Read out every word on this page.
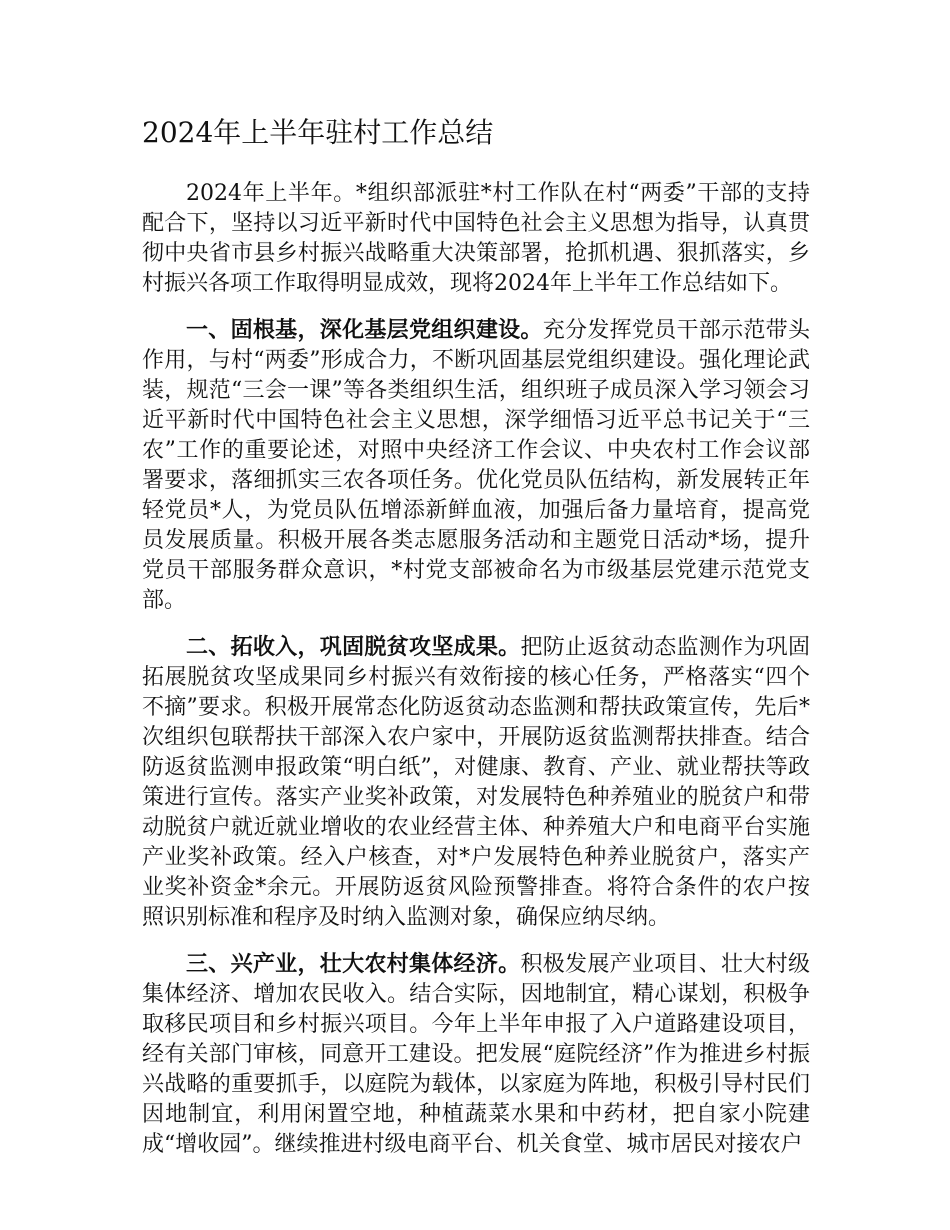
2024年上半年驻村工作总结

2024年上半年。*组织部派驻*村工作队在村“两委”干部的支持配合下，坚持以习近平新时代中国特色社会主义思想为指导，认真贯彻中央省市县乡村振兴战略重大决策部署，抢抓机遇、狠抓落实，乡村振兴各项工作取得明显成效，现将2024年上半年工作总结如下。

一、固根基，深化基层党组织建设。充分发挥党员干部示范带头作用，与村“两委”形成合力，不断巩固基层党组织建设。强化理论武装，规范“三会一课”等各类组织生活，组织班子成员深入学习领会习近平新时代中国特色社会主义思想，深学细悟习近平总书记关于“三农”工作的重要论述，对照中央经济工作会议、中央农村工作会议部署要求，落细抓实三农各项任务。优化党员队伍结构，新发展转正年轻党员*人，为党员队伍增添新鲜血液，加强后备力量培育，提高党员发展质量。积极开展各类志愿服务活动和主题党日活动*场，提升党员干部服务群众意识，*村党支部被命名为市级基层党建示范党支部。

二、拓收入，巩固脱贫攻坚成果。把防止返贫动态监测作为巩固拓展脱贫攻坚成果同乡村振兴有效衔接的核心任务，严格落实“四个不摘”要求。积极开展常态化防返贫动态监测和帮扶政策宣传，先后*次组织包联帮扶干部深入农户家中，开展防返贫监测帮扶排查。结合防返贫监测申报政策“明白纸”，对健康、教育、产业、就业帮扶等政策进行宣传。落实产业奖补政策，对发展特色种养殖业的脱贫户和带动脱贫户就近就业增收的农业经营主体、种养殖大户和电商平台实施产业奖补政策。经入户核查，对*户发展特色种养业脱贫户，落实产业奖补资金*余元。开展防返贫风险预警排查。将符合条件的农户按照识别标准和程序及时纳入监测对象，确保应纳尽纳。

三、兴产业，壮大农村集体经济。积极发展产业项目、壮大村级集体经济、增加农民收入。结合实际，因地制宜，精心谋划，积极争取移民项目和乡村振兴项目。今年上半年申报了入户道路建设项目，经有关部门审核，同意开工建设。把发展“庭院经济”作为推进乡村振兴战略的重要抓手，以庭院为载体，以家庭为阵地，积极引导村民们因地制宜，利用闲置空地，种植蔬菜水果和中药材，把自家小院建成“增收园”。继续推进村级电商平台、机关食堂、城市居民对接农户
